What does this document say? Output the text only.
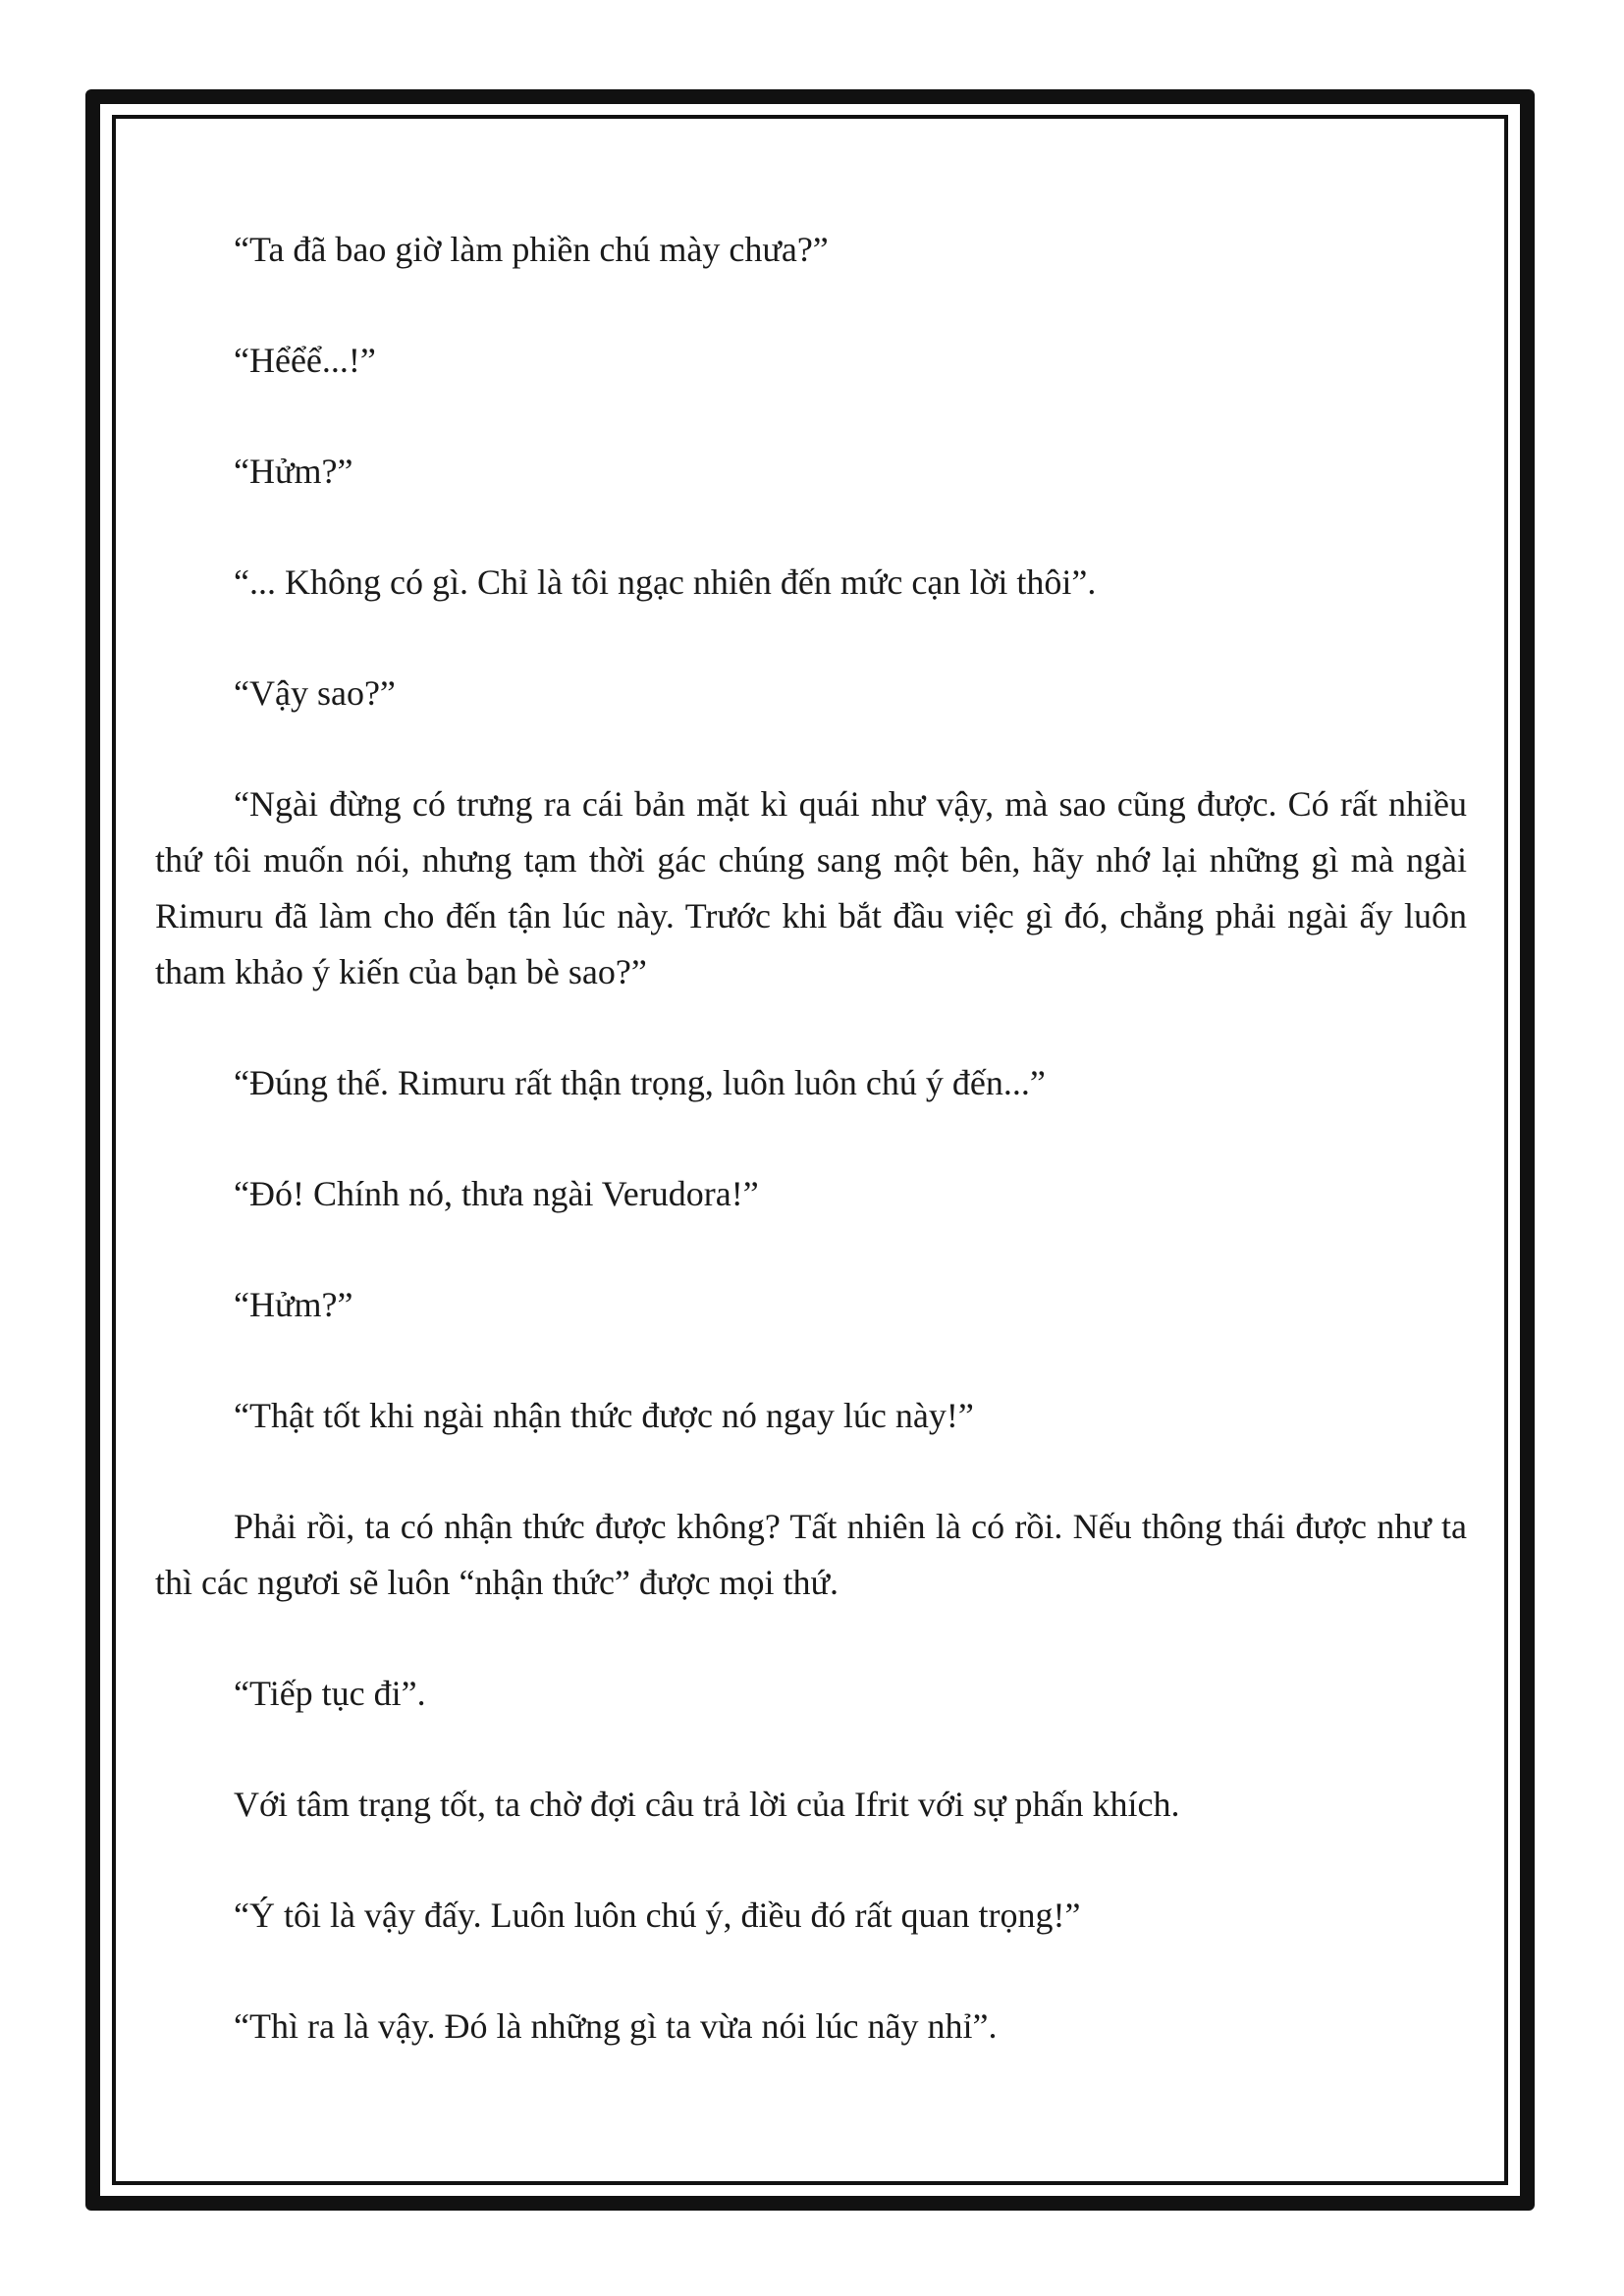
“Ta đã bao giờ làm phiền chú mày chưa?”

“Hểểể...!”

“Hửm?”

“... Không có gì. Chỉ là tôi ngạc nhiên đến mức cạn lời thôi”.

“Vậy sao?”

“Ngài đừng có trưng ra cái bản mặt kì quái như vậy, mà sao cũng được. Có rất nhiều thứ tôi muốn nói, nhưng tạm thời gác chúng sang một bên, hãy nhớ lại những gì mà ngài Rimuru đã làm cho đến tận lúc này. Trước khi bắt đầu việc gì đó, chẳng phải ngài ấy luôn tham khảo ý kiến của bạn bè sao?”

“Đúng thế. Rimuru rất thận trọng, luôn luôn chú ý đến...”

“Đó! Chính nó, thưa ngài Verudora!”

“Hửm?”

“Thật tốt khi ngài nhận thức được nó ngay lúc này!”

Phải rồi, ta có nhận thức được không? Tất nhiên là có rồi. Nếu thông thái được như ta thì các ngươi sẽ luôn “nhận thức” được mọi thứ.

“Tiếp tục đi”.

Với tâm trạng tốt, ta chờ đợi câu trả lời của Ifrit với sự phấn khích.

“Ý tôi là vậy đấy. Luôn luôn chú ý, điều đó rất quan trọng!”

“Thì ra là vậy. Đó là những gì ta vừa nói lúc nãy nhỉ”.
